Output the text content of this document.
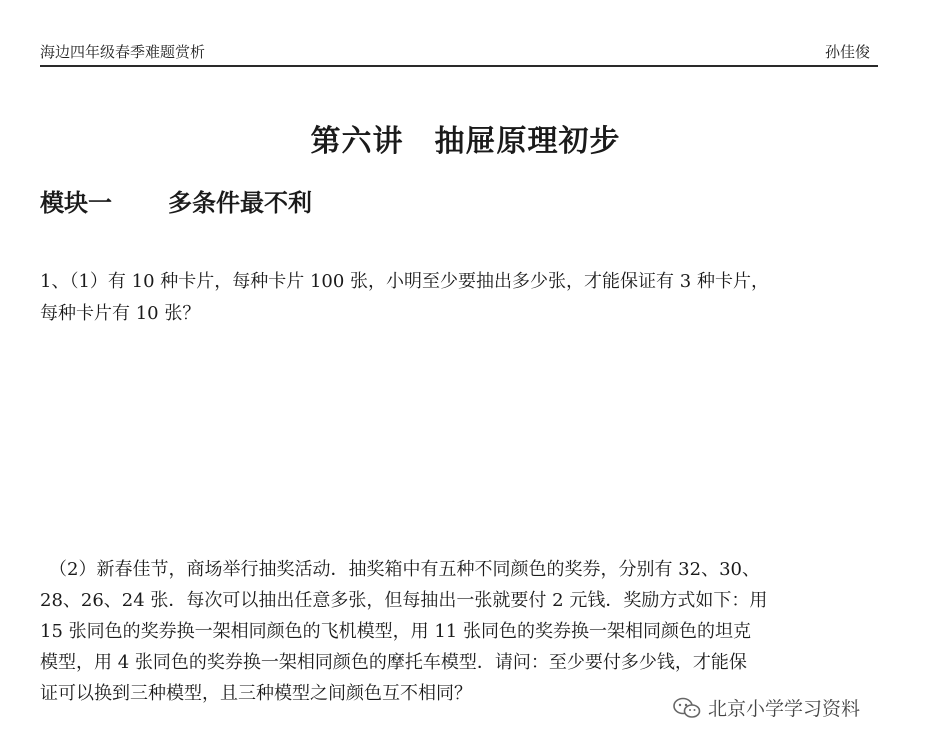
海边四年级春季难题赏析	孙佳俊
第六讲　抽屉原理初步
模块一 多条件最不利

1、（1）有 10 种卡片，每种卡片 100 张，小明至少要抽出多少张，才能保证有 3 种卡片，

每种卡片有 10 张？

　（2）新春佳节，商场举行抽奖活动．抽奖箱中有五种不同颜色的奖券，分别有 32、30、

28、26、24 张．每次可以抽出任意多张，但每抽出一张就要付 2 元钱．奖励方式如下：用

15 张同色的奖券换一架相同颜色的飞机模型，用 11 张同色的奖券换一架相同颜色的坦克

模型，用 4 张同色的奖券换一架相同颜色的摩托车模型．请问：至少要付多少钱，才能保

证可以换到三种模型，且三种模型之间颜色互不相同？

北京小学学习资料
